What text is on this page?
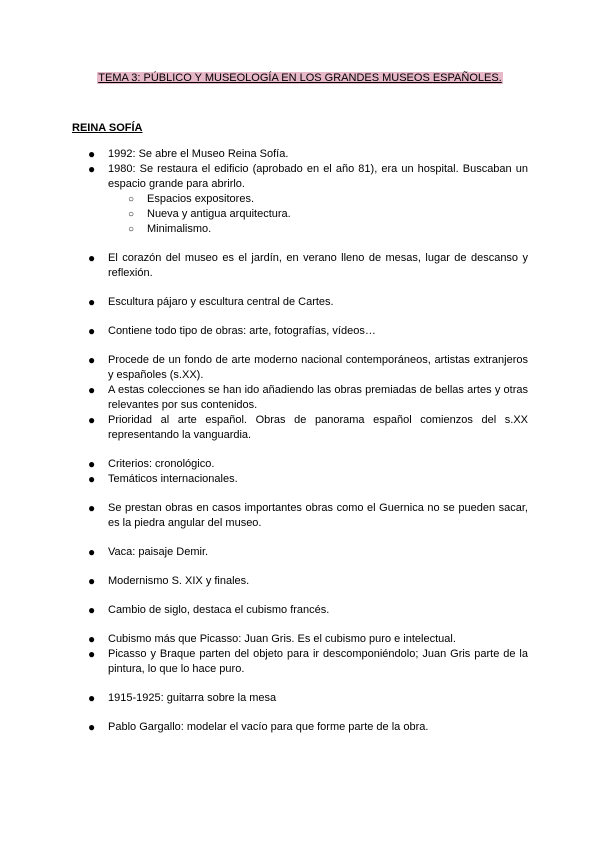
TEMA 3: PÚBLICO Y MUSEOLOGÍA EN LOS GRANDES MUSEOS ESPAÑOLES.
REINA SOFÍA
● 1992: Se abre el Museo Reina Sofía.
● 1980: Se restaura el edificio (aprobado en el año 81), era un hospital. Buscaban un espacio grande para abrirlo.
○ Espacios expositores.
○ Nueva y antigua arquitectura.
○ Minimalismo.
● El corazón del museo es el jardín, en verano lleno de mesas, lugar de descanso y reflexión.
● Escultura pájaro y escultura central de Cartes.
● Contiene todo tipo de obras: arte, fotografías, vídeos…
● Procede de un fondo de arte moderno nacional contemporáneos, artistas extranjeros y españoles (s.XX).
● A estas colecciones se han ido añadiendo las obras premiadas de bellas artes y otras relevantes por sus contenidos.
● Prioridad al arte español. Obras de panorama español comienzos del s.XX representando la vanguardia.
● Criterios: cronológico.
● Temáticos internacionales.
● Se prestan obras en casos importantes obras como el Guernica no se pueden sacar, es la piedra angular del museo.
● Vaca: paisaje Demir.
● Modernismo S. XIX y finales.
● Cambio de siglo, destaca el cubismo francés.
● Cubismo más que Picasso: Juan Gris. Es el cubismo puro e intelectual.
● Picasso y Braque parten del objeto para ir descomponiéndolo; Juan Gris parte de la pintura, lo que lo hace puro.
● 1915-1925: guitarra sobre la mesa
● Pablo Gargallo: modelar el vacío para que forme parte de la obra.
